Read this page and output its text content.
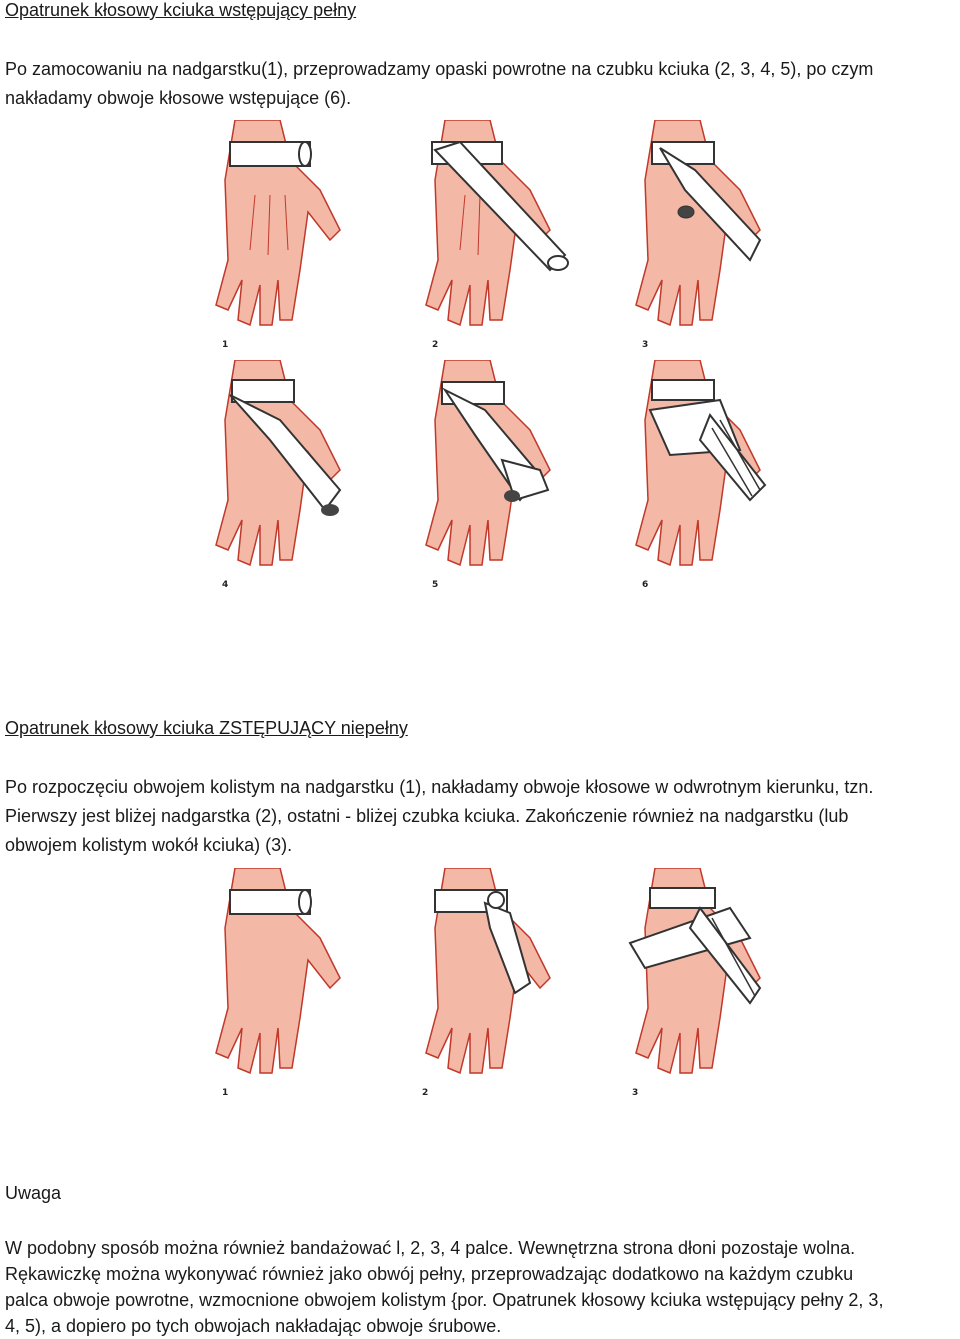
Opatrunek kłosowy kciuka wstępujący pełny
Po zamocowaniu na nadgarstku(1), przeprowadzamy opaski powrotne na czubku kciuka (2, 3, 4, 5), po czym
nakładamy obwoje kłosowe wstępujące (6).
1	2	3
4	5	6
Opatrunek kłosowy kciuka ZSTĘPUJĄCY niepełny
Po rozpoczęciu obwojem kolistym na nadgarstku (1), nakładamy obwoje kłosowe w odwrotnym kierunku, tzn.
Pierwszy jest bliżej nadgarstka (2), ostatni - bliżej czubka kciuka. Zakończenie również na nadgarstku (lub
obwojem kolistym wokół kciuka) (3).
1	2	3
Uwaga
W podobny sposób można również bandażować l, 2, 3, 4 palce. Wewnętrzna strona dłoni pozostaje wolna.
Rękawiczkę można wykonywać również jako obwój pełny, przeprowadzając dodatkowo na każdym czubku
palca obwoje powrotne, wzmocnione obwojem kolistym {por. Opatrunek kłosowy kciuka wstępujący pełny 2, 3,
4, 5), a dopiero po tych obwojach nakładając obwoje śrubowe.
